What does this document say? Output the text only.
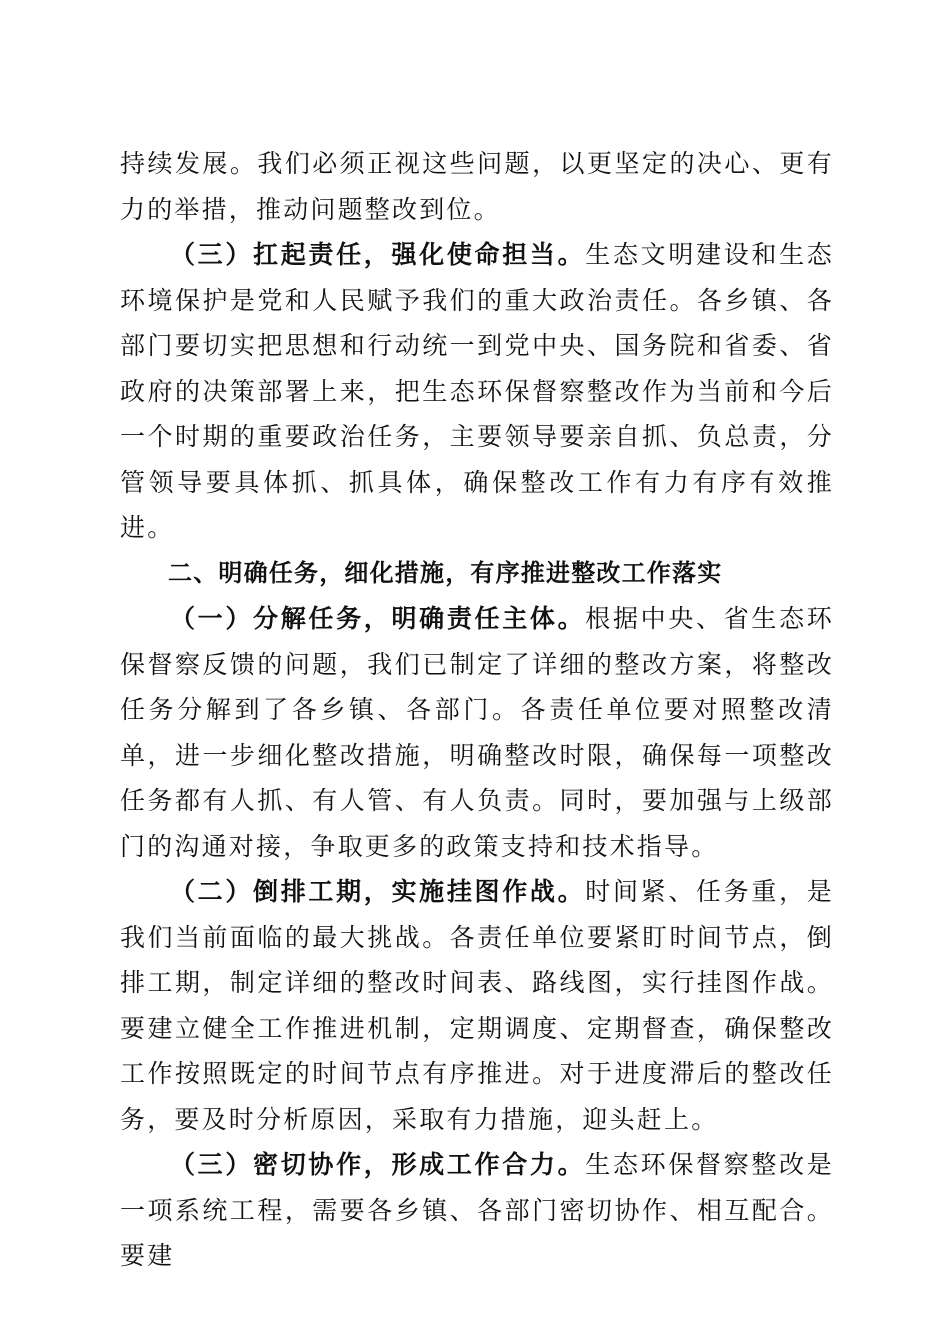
持续发展。我们必须正视这些问题，以更坚定的决心、更有力的举措，推动问题整改到位。

（三）扛起责任，强化使命担当。生态文明建设和生态环境保护是党和人民赋予我们的重大政治责任。各乡镇、各部门要切实把思想和行动统一到党中央、国务院和省委、省政府的决策部署上来，把生态环保督察整改作为当前和今后一个时期的重要政治任务，主要领导要亲自抓、负总责，分管领导要具体抓、抓具体，确保整改工作有力有序有效推进。

二、明确任务，细化措施，有序推进整改工作落实

（一）分解任务，明确责任主体。根据中央、省生态环保督察反馈的问题，我们已制定了详细的整改方案，将整改任务分解到了各乡镇、各部门。各责任单位要对照整改清单，进一步细化整改措施，明确整改时限，确保每一项整改任务都有人抓、有人管、有人负责。同时，要加强与上级部门的沟通对接，争取更多的政策支持和技术指导。

（二）倒排工期，实施挂图作战。时间紧、任务重，是我们当前面临的最大挑战。各责任单位要紧盯时间节点，倒排工期，制定详细的整改时间表、路线图，实行挂图作战。要建立健全工作推进机制，定期调度、定期督查，确保整改工作按照既定的时间节点有序推进。对于进度滞后的整改任务，要及时分析原因，采取有力措施，迎头赶上。

（三）密切协作，形成工作合力。生态环保督察整改是一项系统工程，需要各乡镇、各部门密切协作、相互配合。要建
